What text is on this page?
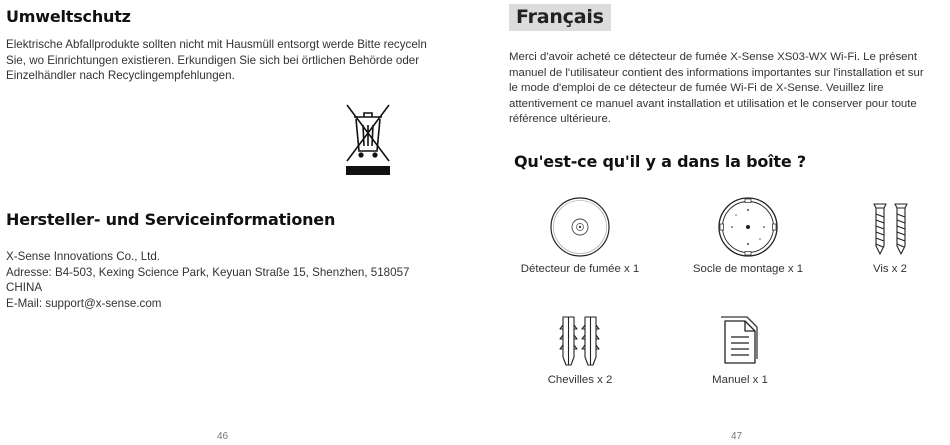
Umweltschutz

Elektrische Abfallprodukte sollten nicht mit Hausmüll entsorgt werde Bitte recyceln Sie, wo Einrichtungen existieren. Erkundigen Sie sich bei örtlichen Behörde oder Einzelhändler nach Recyclingempfehlungen.

Hersteller- und Serviceinformationen
X-Sense Innovations Co., Ltd.
Adresse: B4-503, Kexing Science Park, Keyuan Straße 15, Shenzhen, 518057
CHINA
E-Mail: support@x-sense.com
46
Français

Merci d'avoir acheté ce détecteur de fumée X-Sense XS03-WX Wi-Fi. Le présent manuel de l'utilisateur contient des informations importantes sur l'installation et sur le mode d'emploi de ce détecteur de fumée Wi-Fi de X-Sense. Veuillez lire attentivement ce manuel avant installation et utilisation et le conserver pour toute référence ultérieure.

Qu'est-ce qu'il y a dans la boîte ?
Détecteur de fumée x 1	Socle de montage x 1	Vis x 2
Chevilles x 2	Manuel x 1
47
